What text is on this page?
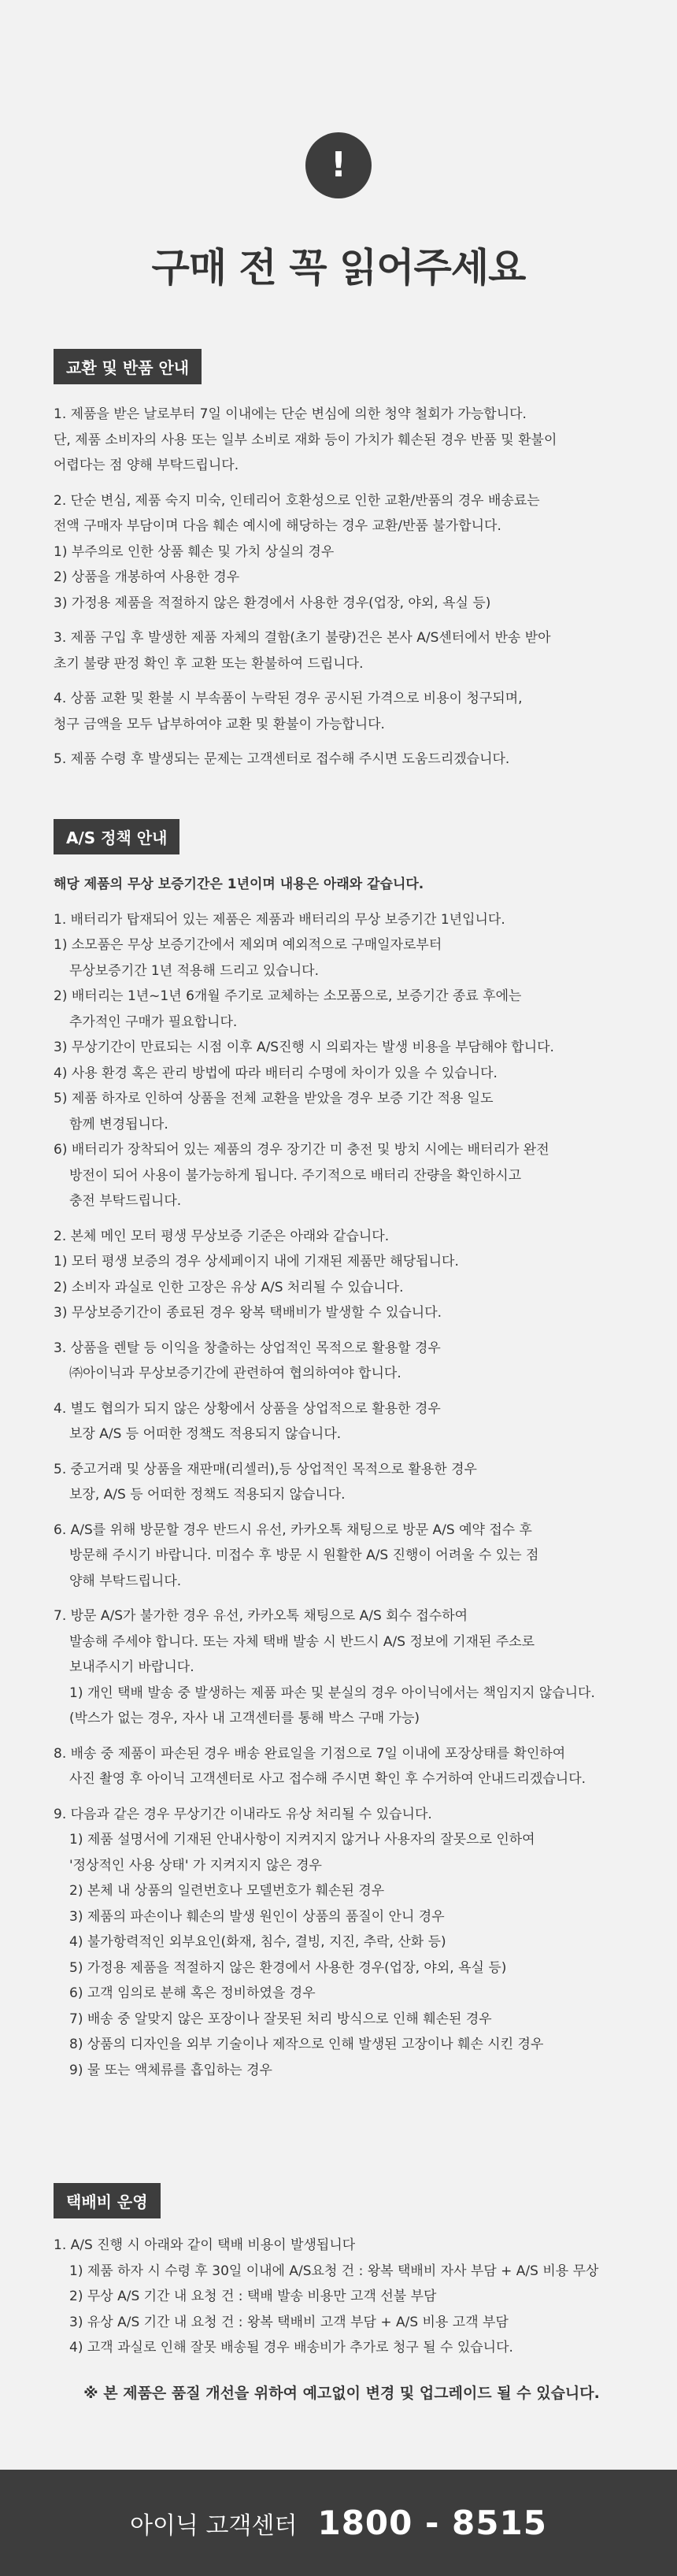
!
구매 전 꼭 읽어주세요
교환 및 반품 안내
1. 제품을 받은 날로부터 7일 이내에는 단순 변심에 의한 청약 철회가 가능합니다.
단, 제품 소비자의 사용 또는 일부 소비로 재화 등이 가치가 훼손된 경우 반품 및 환불이
어렵다는 점 양해 부탁드립니다.
2. 단순 변심, 제품 숙지 미숙, 인테리어 호환성으로 인한 교환/반품의 경우 배송료는
전액 구매자 부담이며 다음 훼손 예시에 해당하는 경우 교환/반품 불가합니다.
1) 부주의로 인한 상품 훼손 및 가치 상실의 경우
2) 상품을 개봉하여 사용한 경우
3) 가정용 제품을 적절하지 않은 환경에서 사용한 경우(업장, 야외, 욕실 등)
3. 제품 구입 후 발생한 제품 자체의 결함(초기 불량)건은 본사 A/S센터에서 반송 받아
초기 불량 판정 확인 후 교환 또는 환불하여 드립니다.
4. 상품 교환 및 환불 시 부속품이 누락된 경우 공시된 가격으로 비용이 청구되며,
청구 금액을 모두 납부하여야 교환 및 환불이 가능합니다.
5. 제품 수령 후 발생되는 문제는 고객센터로 접수해 주시면 도움드리겠습니다.
A/S 정책 안내
해당 제품의 무상 보증기간은 1년이며 내용은 아래와 같습니다.
1. 배터리가 탑재되어 있는 제품은 제품과 배터리의 무상 보증기간 1년입니다.
1) 소모품은 무상 보증기간에서 제외며 예외적으로 구매일자로부터
무상보증기간 1년 적용해 드리고 있습니다.
2) 배터리는 1년~1년 6개월 주기로 교체하는 소모품으로, 보증기간 종료 후에는
추가적인 구매가 필요합니다.
3) 무상기간이 만료되는 시점 이후 A/S진행 시 의뢰자는 발생 비용을 부담해야 합니다.
4) 사용 환경 혹은 관리 방법에 따라 배터리 수명에 차이가 있을 수 있습니다.
5) 제품 하자로 인하여 상품을 전체 교환을 받았을 경우 보증 기간 적용 일도
함께 변경됩니다.
6) 배터리가 장착되어 있는 제품의 경우 장기간 미 충전 및 방치 시에는 배터리가 완전
방전이 되어 사용이 불가능하게 됩니다. 주기적으로 배터리 잔량을 확인하시고
충전 부탁드립니다.
2. 본체 메인 모터 평생 무상보증 기준은 아래와 같습니다.
1) 모터 평생 보증의 경우 상세페이지 내에 기재된 제품만 해당됩니다.
2) 소비자 과실로 인한 고장은 유상 A/S 처리될 수 있습니다.
3) 무상보증기간이 종료된 경우 왕복 택배비가 발생할 수 있습니다.
3. 상품을 렌탈 등 이익을 창출하는 상업적인 목적으로 활용할 경우
㈜아이닉과 무상보증기간에 관련하여 협의하여야 합니다.
4. 별도 협의가 되지 않은 상황에서 상품을 상업적으로 활용한 경우
보장 A/S 등 어떠한 정책도 적용되지 않습니다.
5. 중고거래 및 상품을 재판매(리셀러),등 상업적인 목적으로 활용한 경우
보장, A/S 등 어떠한 정책도 적용되지 않습니다.
6. A/S를 위해 방문할 경우 반드시 유선, 카카오톡 채팅으로 방문 A/S 예약 접수 후
방문해 주시기 바랍니다. 미접수 후 방문 시 원활한 A/S 진행이 어려울 수 있는 점
양해 부탁드립니다.
7. 방문 A/S가 불가한 경우 유선, 카카오톡 채팅으로 A/S 회수 접수하여
발송해 주세야 합니다. 또는 자체 택배 발송 시 반드시 A/S 정보에 기재된 주소로
보내주시기 바랍니다.
1) 개인 택배 발송 중 발생하는 제품 파손 및 분실의 경우 아이닉에서는 책임지지 않습니다.
(박스가 없는 경우, 자사 내 고객센터를 통해 박스 구매 가능)
8. 배송 중 제품이 파손된 경우 배송 완료일을 기점으로 7일 이내에 포장상태를 확인하여
사진 촬영 후 아이닉 고객센터로 사고 접수해 주시면 확인 후 수거하여 안내드리겠습니다.
9. 다음과 같은 경우 무상기간 이내라도 유상 처리될 수 있습니다.
1) 제품 설명서에 기재된 안내사항이 지켜지지 않거나 사용자의 잘못으로 인하여
'정상적인 사용 상태' 가 지켜지지 않은 경우
2) 본체 내 상품의 일련번호나 모델번호가 훼손된 경우
3) 제품의 파손이나 훼손의 발생 원인이 상품의 품질이 안니 경우
4) 불가항력적인 외부요인(화재, 침수, 결빙, 지진, 추락, 산화 등)
5) 가정용 제품을 적절하지 않은 환경에서 사용한 경우(업장, 야외, 욕실 등)
6) 고객 임의로 분해 혹은 정비하였을 경우
7) 배송 중 알맞지 않은 포장이나 잘못된 처리 방식으로 인해 훼손된 경우
8) 상품의 디자인을 외부 기술이나 제작으로 인해 발생된 고장이나 훼손 시킨 경우
9) 물 또는 액체류를 흡입하는 경우
택배비 운영
1. A/S 진행 시 아래와 같이 택배 비용이 발생됩니다
1) 제품 하자 시 수령 후 30일 이내에 A/S요청 건 : 왕복 택배비 자사 부담 + A/S 비용 무상
2) 무상 A/S 기간 내 요청 건 : 택배 발송 비용만 고객 선불 부담
3) 유상 A/S 기간 내 요청 건 : 왕복 택배비 고객 부담 + A/S 비용 고객 부담
4) 고객 과실로 인해 잘못 배송될 경우 배송비가 추가로 청구 될 수 있습니다.
※ 본 제품은 품질 개선을 위하여 예고없이 변경 및 업그레이드 될 수 있습니다.
아이닉 고객센터 1800 - 8515
